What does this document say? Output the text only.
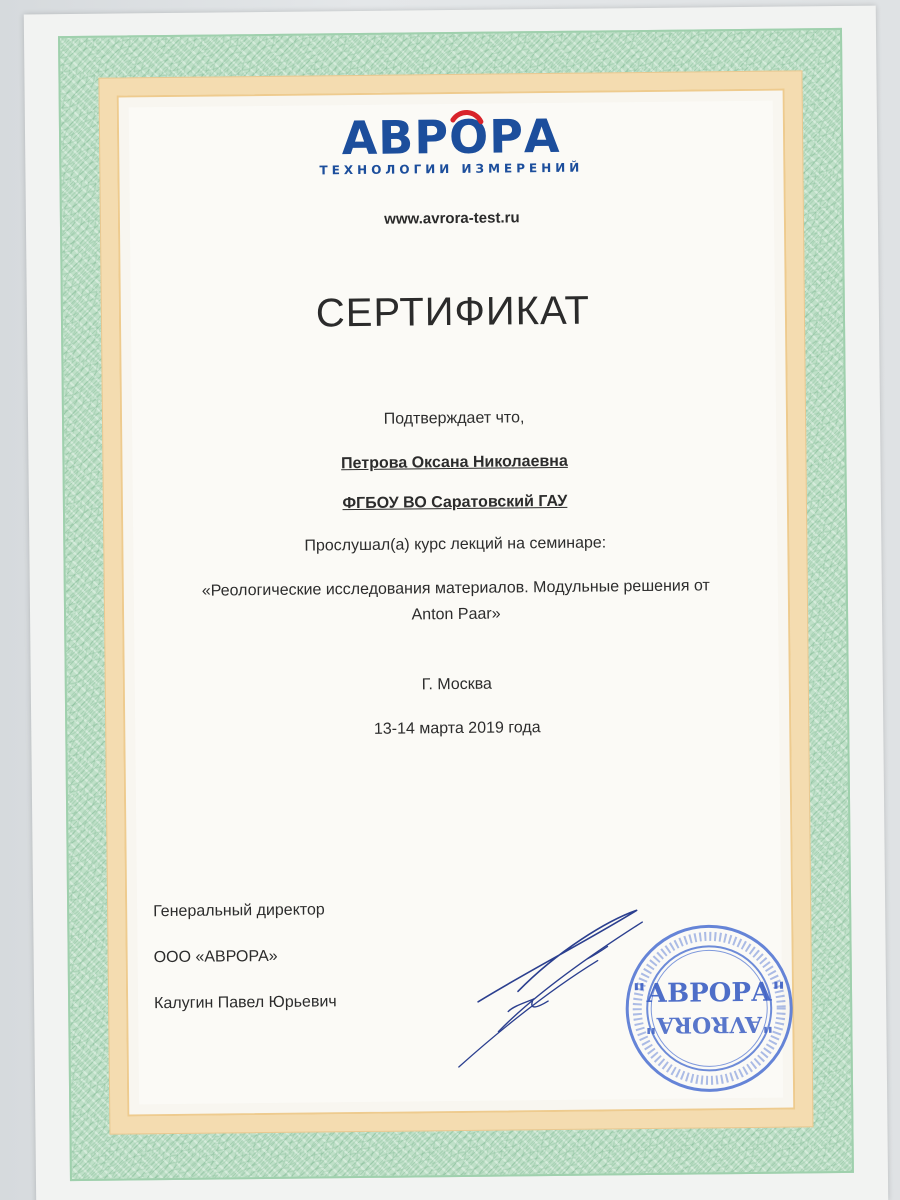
АВРО
РА
ТЕХНОЛОГИИ ИЗМЕРЕНИЙ
www.avrora-test.ru
СЕРТИФИКАТ
Подтверждает что,
Петрова Оксана Николаевна
ФГБОУ ВО Саратовский ГАУ
Прослушал(а) курс лекций на семинаре:
«Реологические исследования материалов. Модульные решения от
Anton Paar»
Г. Москва
13-14 марта 2019 года
Генеральный директор
ООО «АВРОРА»
Калугин Павел Юрьевич	"АВРОРА"
"AVRORA"
